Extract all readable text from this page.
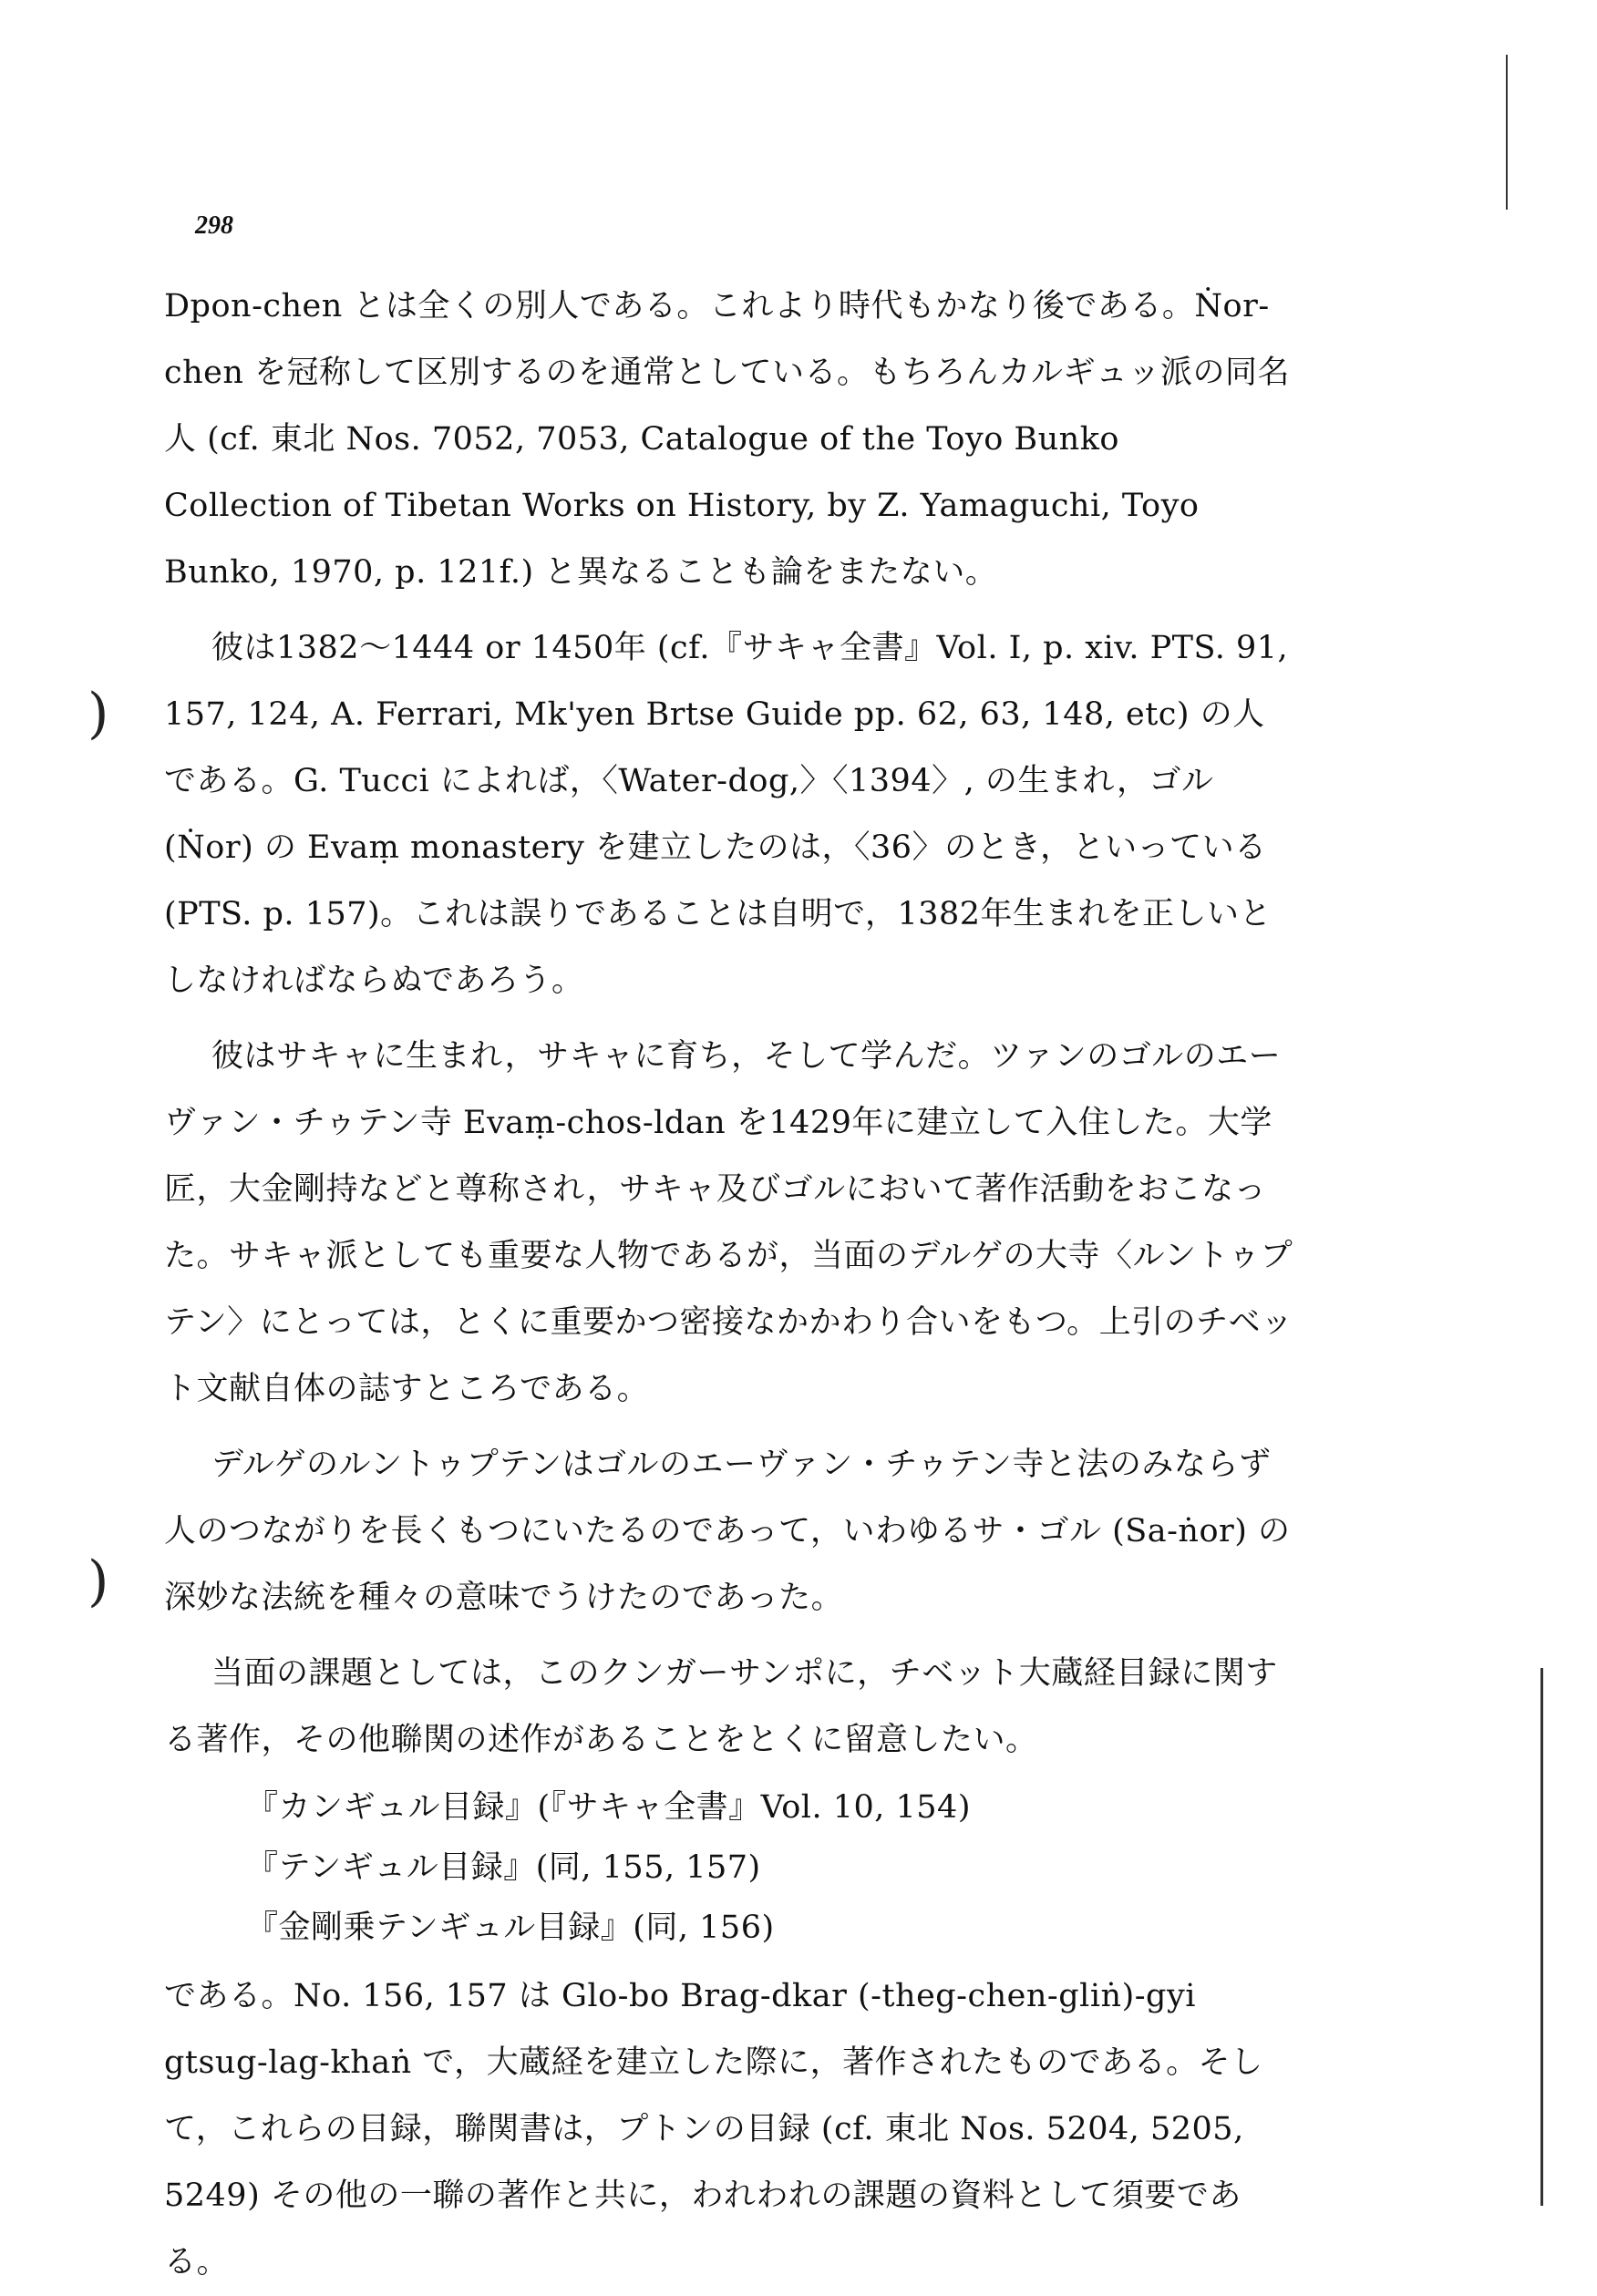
298
)
)

Dpon-chen とは全くの別人である。これより時代もかなり後である。Ṅor-chen を冠称して区別するのを通常としている。もちろんカルギュッ派の同名人 (cf. 東北 Nos. 7052, 7053, Catalogue of the Toyo Bunko Collection of Tibetan Works on History, by Z. Yamaguchi, Toyo Bunko, 1970, p. 121f.) と異なることも論をまたない。

彼は1382～1444 or 1450年 (cf.『サキャ全書』Vol. I, p. xiv. PTS. 91, 157, 124, A. Ferrari, Mk'yen Brtse Guide pp. 62, 63, 148, etc) の人である。G. Tucci によれば，〈Water-dog,〉〈1394〉, の生まれ，ゴル (Ṅor) の Evaṃ monastery を建立したのは，〈36〉のとき，といっている (PTS. p. 157)。これは誤りであることは自明で，1382年生まれを正しいとしなければならぬであろう。

彼はサキャに生まれ，サキャに育ち，そして学んだ。ツァンのゴルのエーヴァン・チゥテン寺 Evaṃ-chos-ldan を1429年に建立して入住した。大学匠，大金剛持などと尊称され，サキャ及びゴルにおいて著作活動をおこなった。サキャ派としても重要な人物であるが，当面のデルゲの大寺〈ルントゥプテン〉にとっては，とくに重要かつ密接なかかわり合いをもつ。上引のチベット文献自体の誌すところである。

デルゲのルントゥプテンはゴルのエーヴァン・チゥテン寺と法のみならず人のつながりを長くもつにいたるのであって，いわゆるサ・ゴル (Sa-ṅor) の深妙な法統を種々の意味でうけたのであった。

当面の課題としては，このクンガーサンポに，チベット大蔵経目録に関する著作，その他聯関の述作があることをとくに留意したい。

『カンギュル目録』(『サキャ全書』Vol. 10, 154)
『テンギュル目録』(同, 155, 157)
『金剛乗テンギュル目録』(同, 156)

である。No. 156, 157 は Glo-bo Brag-dkar (-theg-chen-gliṅ)-gyi gtsug-lag-khaṅ で，大蔵経を建立した際に，著作されたものである。そして，これらの目録，聯関書は，プトンの目録 (cf. 東北 Nos. 5204, 5205, 5249) その他の一聯の著作と共に，われわれの課題の資料として須要である。
